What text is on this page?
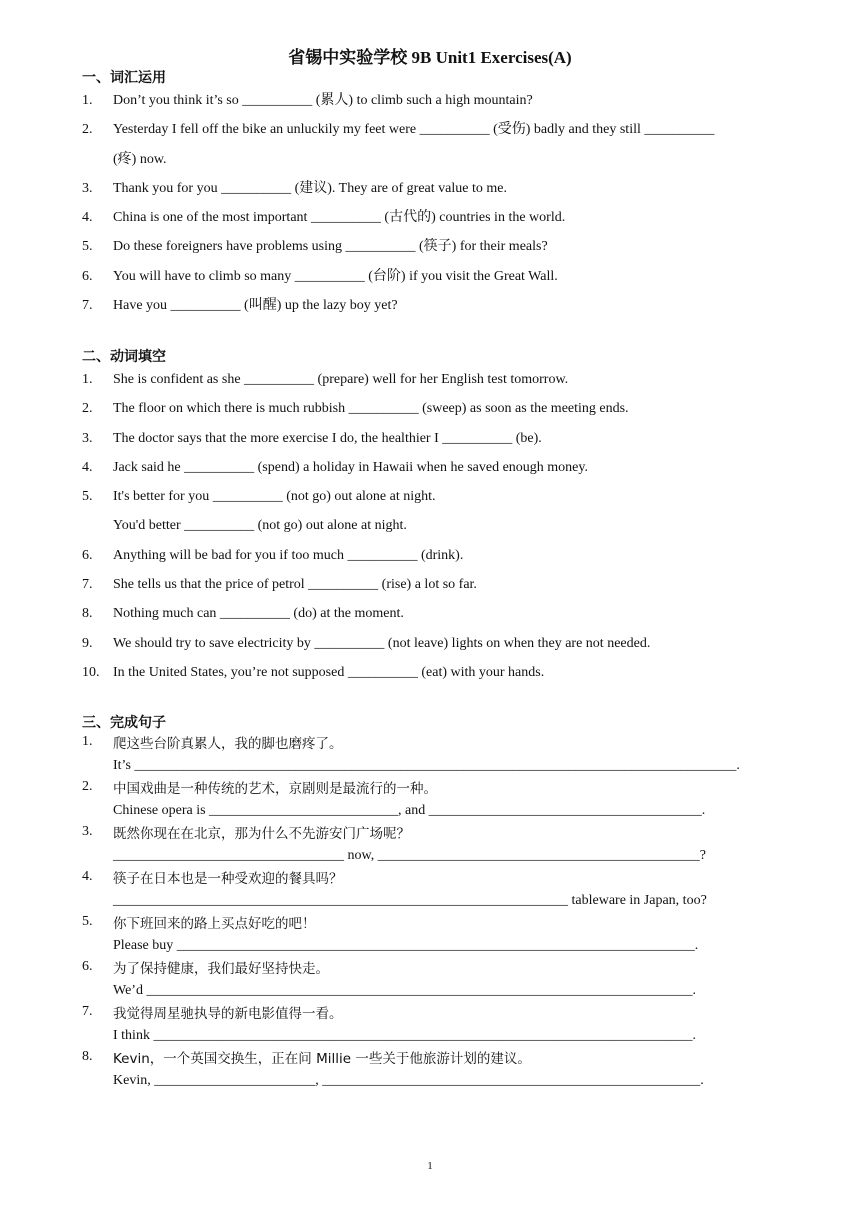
省锡中实验学校 9B Unit1 Exercises(A)
一、词汇运用
1.	Don’t you think it’s so __________ (累人) to climb such a high mountain?
2.	Yesterday I fell off the bike an unluckily my feet were __________ (受伤) badly and they still __________
(疼) now.
3.	Thank you for you __________ (建议). They are of great value to me.
4.	China is one of the most important __________ (古代的) countries in the world.
5.	Do these foreigners have problems using __________ (筷子) for their meals?
6.	You will have to climb so many __________ (台阶) if you visit the Great Wall.
7.	Have you __________ (叫醒) up the lazy boy yet?
二、动词填空
1.	She is confident as she __________ (prepare) well for her English test tomorrow.
2.	The floor on which there is much rubbish __________ (sweep) as soon as the meeting ends.
3.	The doctor says that the more exercise I do, the healthier I __________ (be).
4.	Jack said he __________ (spend) a holiday in Hawaii when he saved enough money.
5.	It's better for you __________ (not go) out alone at night.
You'd better __________ (not go) out alone at night.
6.	Anything will be bad for you if too much __________ (drink).
7.	She tells us that the price of petrol __________ (rise) a lot so far.
8.	Nothing much can __________ (do) at the moment.
9.	We should try to save electricity by __________ (not leave) lights on when they are not needed.
10. In the United States, you’re not supposed __________ (eat) with your hands.
三、完成句子
1.	爬这些台阶真累人，我的脚也磨疼了。
It’s ______________________________________________________________________________________.
2.	中国戏曲是一种传统的艺术，京剧则是最流行的一种。
Chinese opera is ___________________________, and _______________________________________.
3.	既然你现在在北京，那为什么不先游安门广场呢？
_________________________________ now, ______________________________________________?
4.	筷子在日本也是一种受欢迎的餐具吗？
_________________________________________________________________ tableware in Japan, too?
5.	你下班回来的路上买点好吃的吧！
Please buy __________________________________________________________________________.
6.	为了保持健康，我们最好坚持快走。
We’d ______________________________________________________________________________.
7.	我觉得周星驰执导的新电影值得一看。
I think _____________________________________________________________________________.
8.	Kevin，一个英国交换生，正在问 Millie 一些关于他旅游计划的建议。
Kevin, _______________________, ______________________________________________________.
1
